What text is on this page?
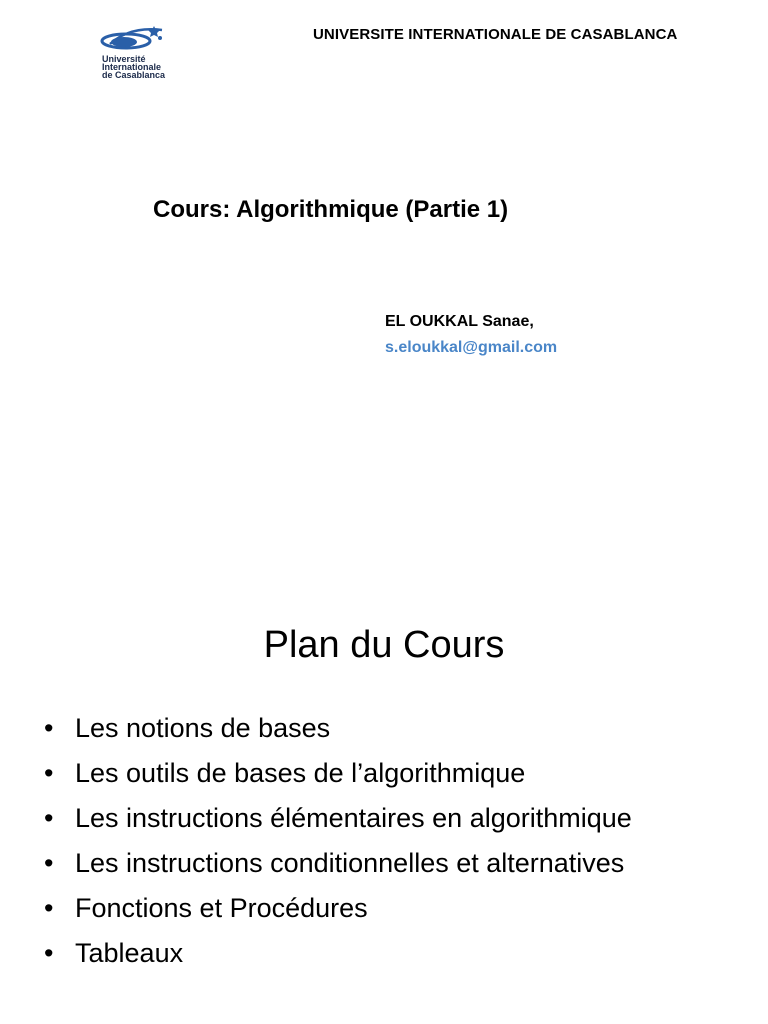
Université
Internationale
de Casablanca
UNIVERSITE INTERNATIONALE DE CASABLANCA
Cours: Algorithmique (Partie 1)
EL OUKKAL Sanae,
s.eloukkal@gmail.com
Plan du Cours
• Les notions de bases
• Les outils de bases de l’algorithmique
• Les instructions élémentaires en algorithmique
• Les instructions conditionnelles et alternatives
• Fonctions et Procédures
• Tableaux
